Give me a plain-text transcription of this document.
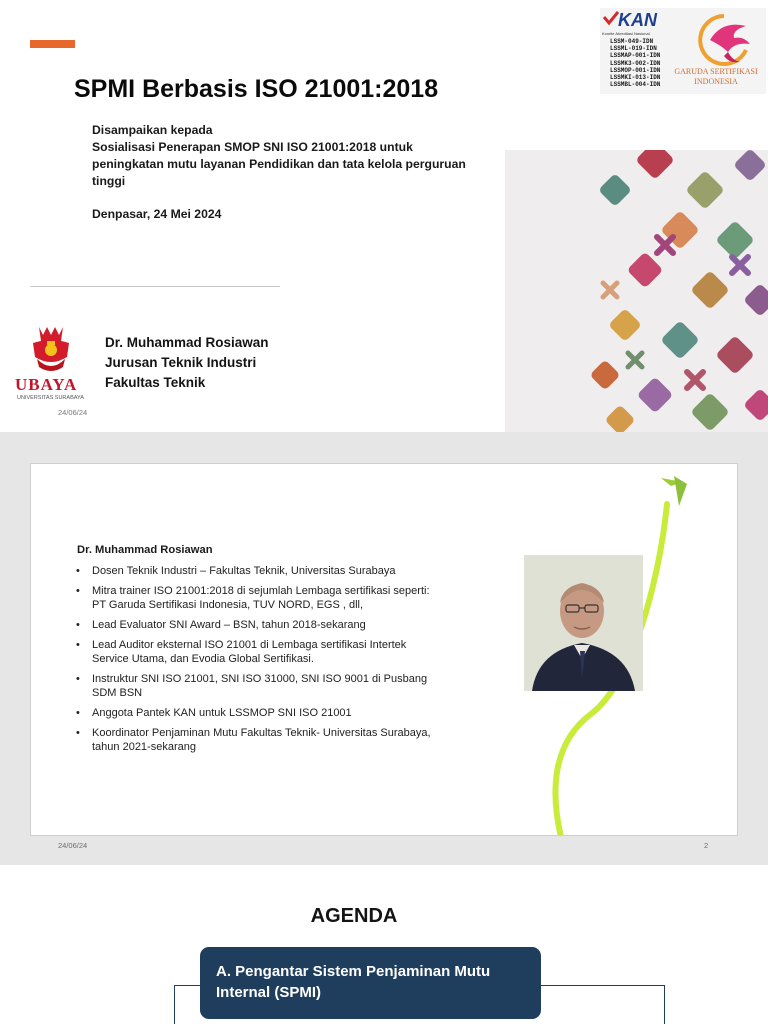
SPMI Berbasis ISO 21001:2018

Disampaikan kepada

Sosialisasi Penerapan SMOP SNI ISO 21001:2018 untuk peningkatan mutu layanan Pendidikan dan tata kelola perguruan tinggi

Denpasar, 24 Mei 2024
UBAYA
UNIVERSITAS SURABAYA
Dr. Muhammad Rosiawan
Jurusan Teknik Industri
Fakultas Teknik
24/06/24
KAN
Komite Akreditasi Nasional
LSSM-049-IDN
LSSML-019-IDN
LSSMAP-001-IDN
LSSMK3-002-IDN
LSSMOP-001-IDN
LSSMKI-013-IDN
LSSMBL-004-IDN
GARUDA SERTIFIKASI
INDONESIA
Dr. Muhammad Rosiawan
• Dosen Teknik Industri – Fakultas Teknik, Universitas Surabaya
• Mitra trainer ISO 21001:2018 di sejumlah Lembaga sertifikasi seperti: PT Garuda Sertifikasi Indonesia, TUV NORD, EGS , dll,
• Lead Evaluator SNI Award – BSN, tahun 2018-sekarang
• Lead Auditor eksternal ISO 21001 di Lembaga sertifikasi Intertek Service Utama, dan Evodia Global Sertifikasi.
• Instruktur SNI ISO 21001, SNI ISO 31000, SNI ISO 9001 di Pusbang SDM BSN
• Anggota Pantek KAN untuk LSSMOP SNI ISO 21001
• Koordinator Penjaminan Mutu Fakultas Teknik- Universitas Surabaya, tahun 2021-sekarang
24/06/24	2
AGENDA
A. Pengantar Sistem Penjaminan Mutu
Internal (SPMI)
